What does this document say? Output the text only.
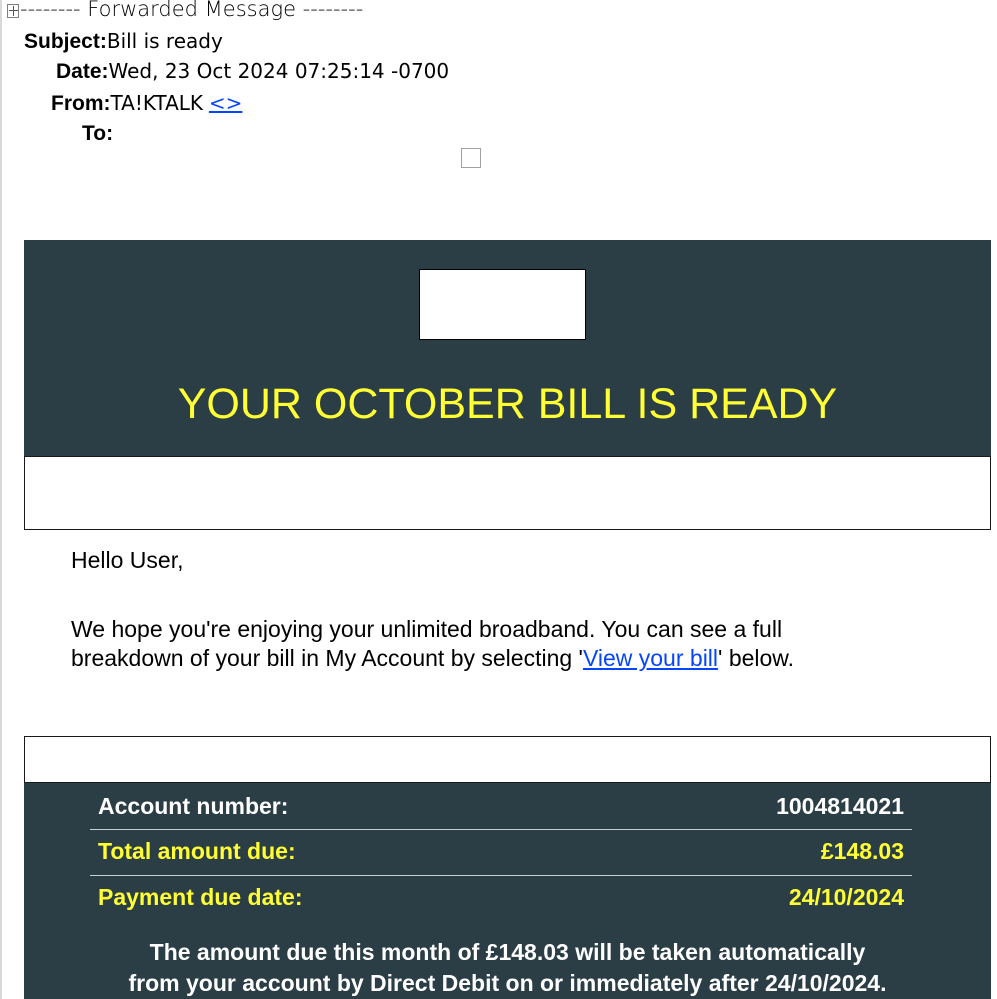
-------- Forwarded Message --------
Subject:Bill is ready
Date:Wed, 23 Oct 2024 07:25:14 -0700
From:TA!KTALK <>
To:
YOUR OCTOBER BILL IS READY
Hello User,
We hope you're enjoying your unlimited broadband. You can see a full
breakdown of your bill in My Account by selecting 'View your bill' below.
Account number:	1004814021
Total amount due:	£148.03
Payment due date:	24/10/2024
The amount due this month of £148.03 will be taken automatically
from your account by Direct Debit on or immediately after 24/10/2024.
